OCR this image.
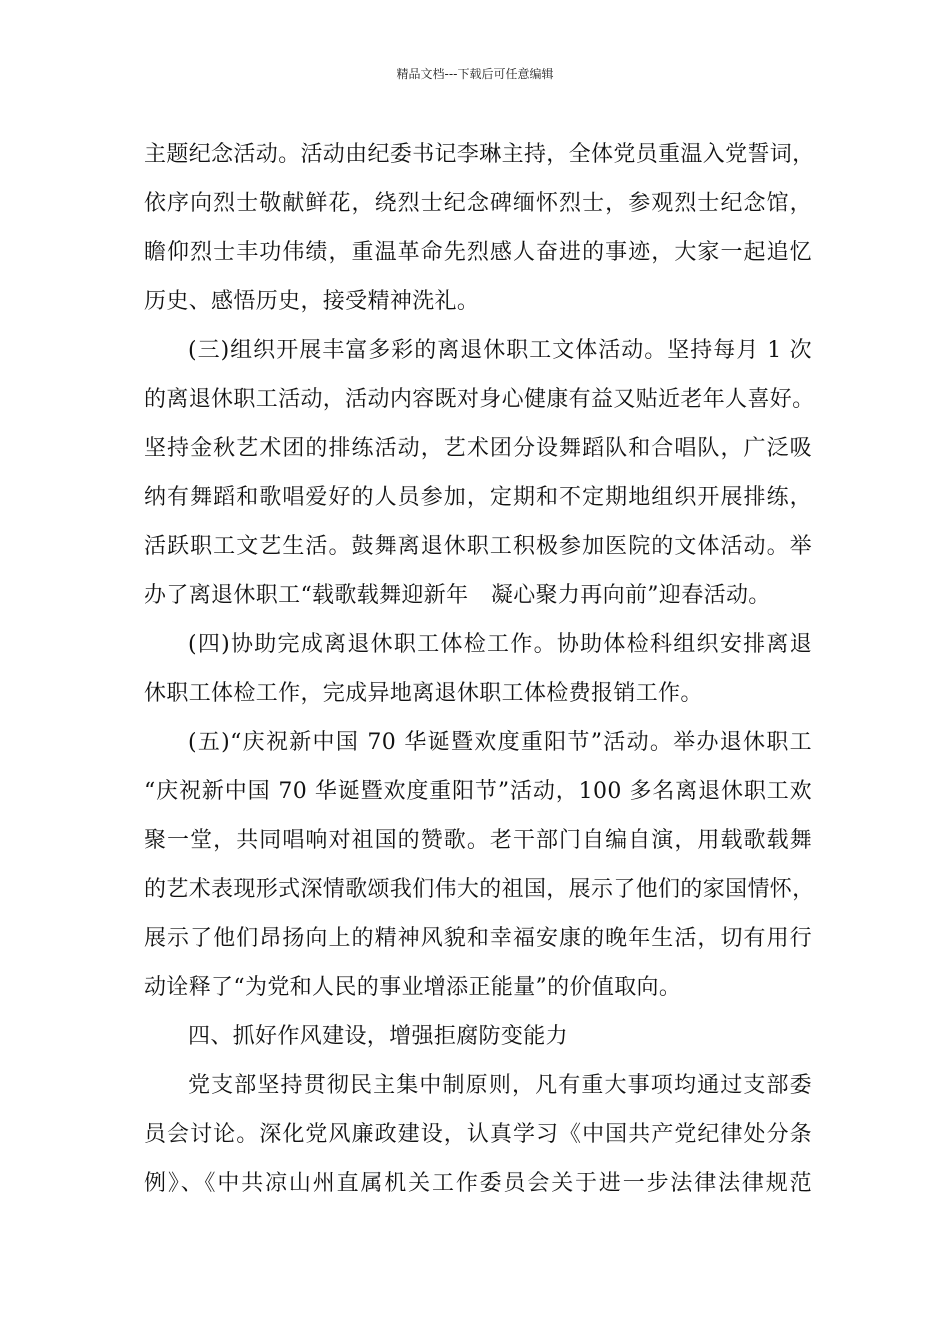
精品文档---下载后可任意编辑
主题纪念活动。活动由纪委书记李琳主持，全体党员重温入党誓词，
依序向烈士敬献鲜花，绕烈士纪念碑缅怀烈士，参观烈士纪念馆，
瞻仰烈士丰功伟绩，重温革命先烈感人奋进的事迹，大家一起追忆
历史、感悟历史，接受精神洗礼。
(三)组织开展丰富多彩的离退休职工文体活动。坚持每月 1 次
的离退休职工活动，活动内容既对身心健康有益又贴近老年人喜好。
坚持金秋艺术团的排练活动，艺术团分设舞蹈队和合唱队，广泛吸
纳有舞蹈和歌唱爱好的人员参加，定期和不定期地组织开展排练，
活跃职工文艺生活。鼓舞离退休职工积极参加医院的文体活动。举
办了离退休职工“载歌载舞迎新年　凝心聚力再向前”迎春活动。
(四)协助完成离退休职工体检工作。协助体检科组织安排离退
休职工体检工作，完成异地离退休职工体检费报销工作。
(五)“庆祝新中国 70 华诞暨欢度重阳节”活动。举办退休职工
“庆祝新中国 70 华诞暨欢度重阳节”活动，100 多名离退休职工欢
聚一堂，共同唱响对祖国的赞歌。老干部门自编自演，用载歌载舞
的艺术表现形式深情歌颂我们伟大的祖国，展示了他们的家国情怀，
展示了他们昂扬向上的精神风貌和幸福安康的晚年生活，切有用行
动诠释了“为党和人民的事业增添正能量”的价值取向。
四、抓好作风建设，增强拒腐防变能力
党支部坚持贯彻民主集中制原则，凡有重大事项均通过支部委
员会讨论。深化党风廉政建设，认真学习《中国共产党纪律处分条
例》、《中共凉山州直属机关工作委员会关于进一步法律法律规范
